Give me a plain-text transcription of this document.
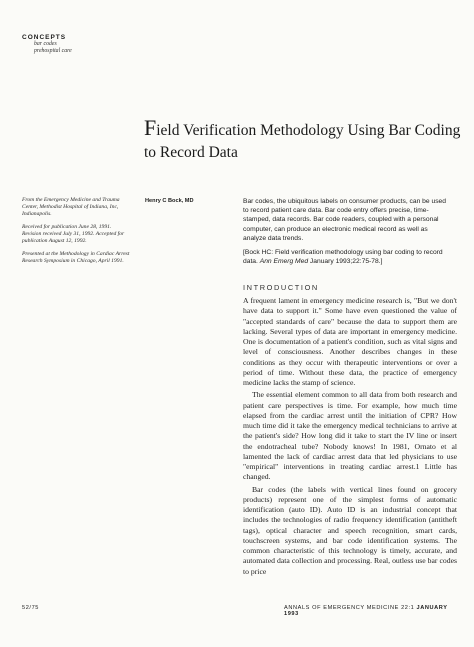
CONCEPTS
bar codes
prehospital care
Field Verification Methodology Using Bar Coding to Record Data

From the Emergency Medicine and Trauma Center, Methodist Hospital of Indiana, Inc, Indianapolis.

Received for publication June 28, 1991. Revision received July 31, 1992. Accepted for publication August 12, 1992.

Presented at the Methodology in Cardiac Arrest Research Symposium in Chicago, April 1991.

Henry C Bock, MD	Bar codes, the ubiquitous labels on consumer products, can be used to record patient care data. Bar code entry offers precise, time-stamped, data records. Bar code readers, coupled with a personal computer, can produce an electronic medical record as well as analyze data trends.

[Bock HC: Field verification methodology using bar coding to record data. Ann Emerg Med January 1993;22:75-78.]

INTRODUCTION

A frequent lament in emergency medicine research is, "But we don't have data to support it." Some have even questioned the value of "accepted standards of care" because the data to support them are lacking. Several types of data are important in emergency medicine. One is documentation of a patient's condition, such as vital signs and level of consciousness. Another describes changes in these conditions as they occur with therapeutic interventions or over a period of time. Without these data, the practice of emergency medicine lacks the stamp of science.

The essential element common to all data from both research and patient care perspectives is time. For example, how much time elapsed from the cardiac arrest until the initiation of CPR? How much time did it take the emergency medical technicians to arrive at the patient's side? How long did it take to start the IV line or insert the endotracheal tube? Nobody knows! In 1981, Ornato et al lamented the lack of cardiac arrest data that led physicians to use "empirical" interventions in treating cardiac arrest.1 Little has changed.

Bar codes (the labels with vertical lines found on grocery products) represent one of the simplest forms of automatic identification (auto ID). Auto ID is an industrial concept that includes the technologies of radio frequency identification (antitheft tags), optical character and speech recognition, smart cards, touchscreen systems, and bar code identification systems. The common characteristic of this technology is timely, accurate, and automated data collection and processing. Real, outless use bar codes to price

52/75	ANNALS OF EMERGENCY MEDICINE 22:1 JANUARY 1993
